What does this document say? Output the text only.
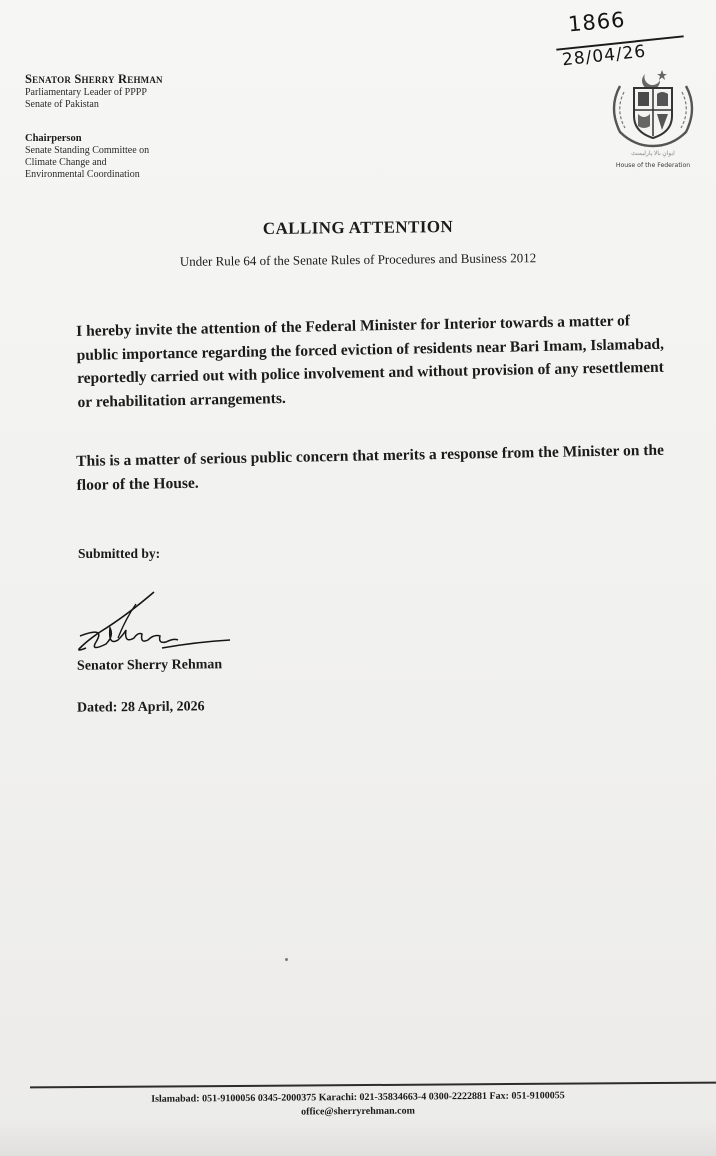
1866
28/04/26
Senator Sherry Rehman
Parliamentary Leader of PPPP
Senate of Pakistan
Chairperson
Senate Standing Committee on
Climate Change and
Environmental Coordination
ایوانِ بالا پارلیمنٹ
House of the Federation
CALLING ATTENTION
Under Rule 64 of the Senate Rules of Procedures and Business 2012
I hereby invite the attention of the Federal Minister for Interior towards a matter of public importance regarding the forced eviction of residents near Bari Imam, Islamabad, reportedly carried out with police involvement and without provision of any resettlement or rehabilitation arrangements.
This is a matter of serious public concern that merits a response from the Minister on the floor of the House.
Submitted by:
Senator Sherry Rehman
Dated: 28 April, 2026
Islamabad: 051-9100056 0345-2000375 Karachi: 021-35834663-4 0300-2222881 Fax: 051-9100055
office@sherryrehman.com
